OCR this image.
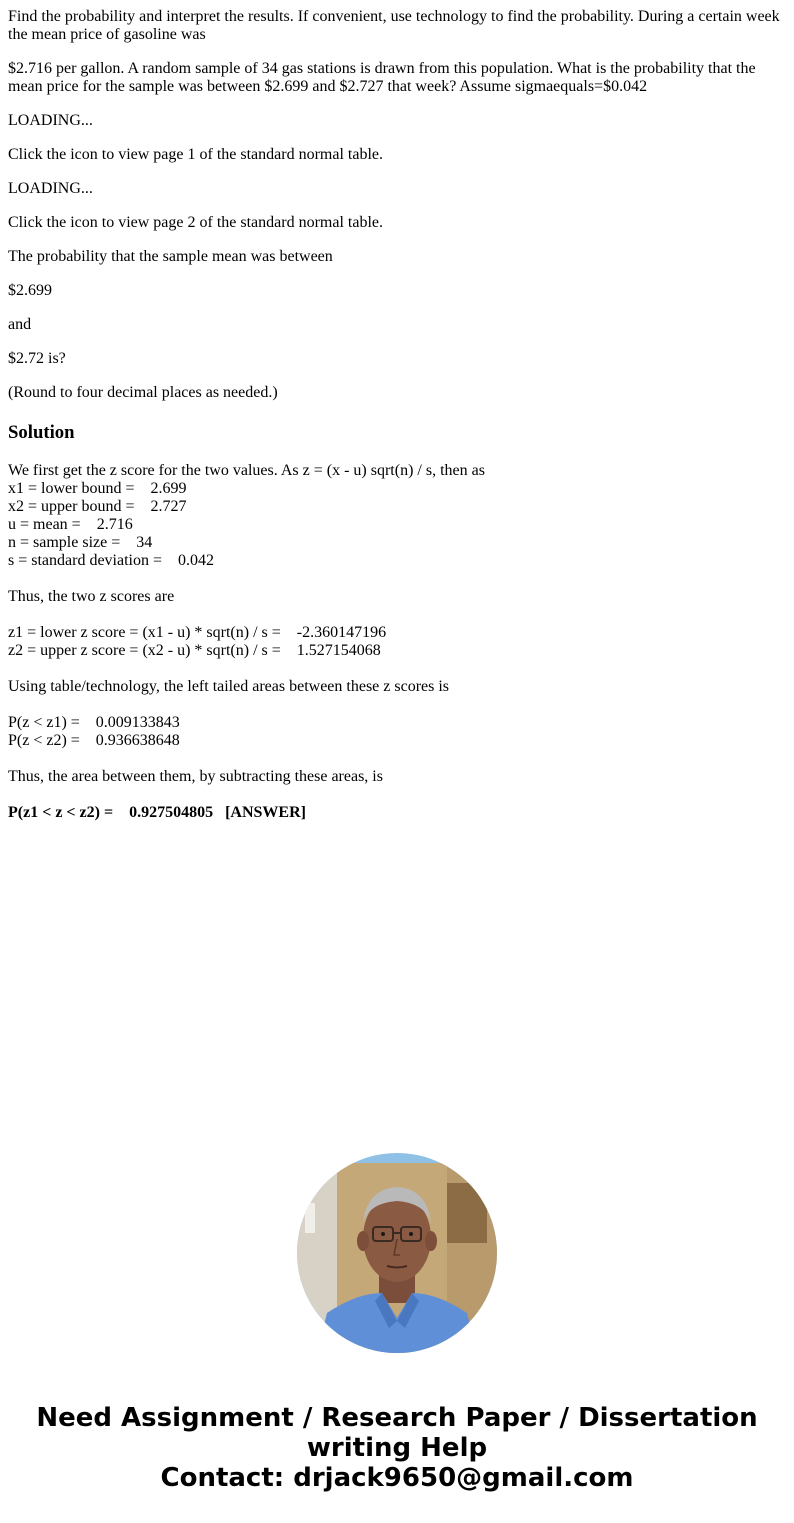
Find the probability and interpret the results. If convenient, use technology to find the probability. During a certain week the mean price of gasoline was

$2.716 per gallon. A random sample of 34 gas stations is drawn from this population. What is the probability that the mean price for the sample was between $2.699 and $2.727 that week? Assume sigmaequals=$0.042

LOADING...

Click the icon to view page 1 of the standard normal table.

LOADING...

Click the icon to view page 2 of the standard normal table.

The probability that the sample mean was between

$2.699

and

$2.72 is?

(Round to four decimal places as needed.)

Solution
We first get the z score for the two values. As z = (x - u) sqrt(n) / s, then as
x1 = lower bound =    2.699
x2 = upper bound =    2.727
u = mean =    2.716
n = sample size =    34
s = standard deviation =    0.042
Thus, the two z scores are
z1 = lower z score = (x1 - u) * sqrt(n) / s =    -2.360147196
z2 = upper z score = (x2 - u) * sqrt(n) / s =    1.527154068
Using table/technology, the left tailed areas between these z scores is
P(z < z1) =    0.009133843
P(z < z2) =    0.936638648
Thus, the area between them, by subtracting these areas, is
P(z1 < z < z2) =    0.927504805   [ANSWER]
Need Assignment / Research Paper / Dissertation
writing Help
Contact: drjack9650@gmail.com
